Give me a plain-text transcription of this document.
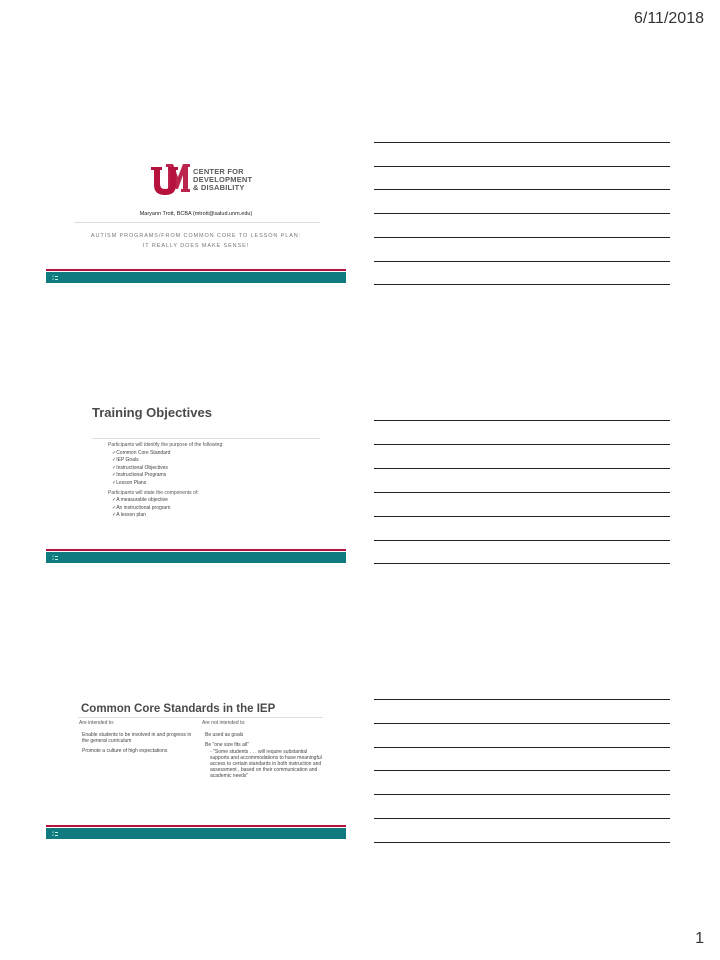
6/11/2018
CENTER FOR
DEVELOPMENT
& DISABILITY
Maryann Trott, BCBA (mtrott@salud.unm.edu)
AUTISM PROGRAMS/FROM COMMON CORE TO LESSON PLAN:
IT REALLY DOES MAKE SENSE!
▪▪ ▬
▪▪ ▬
Training Objectives
Participants will identify the purpose of the following:
✓Common Core Standard
✓IEP Goals
✓Instructional Objectives
✓Instructional Programs
✓Lesson Plans
Participants will state the components of:
✓A measurable objective
✓An instructional program
✓A lesson plan
▪▪ ▬
▪▪ ▬
Common Core Standards in the IEP
Are intended to:

Enable students to be involved in and progress in the general curriculum

Promote a culture of high expectations

Are not intended to:

Be used as goals

Be "one size fits all"

◦ "Some students . . . will require substantial supports and accommodations to have meaningful access to certain standards in both instruction and assessment , based on their communication and academic needs"

▪▪ ▬
▪▪ ▬
1
